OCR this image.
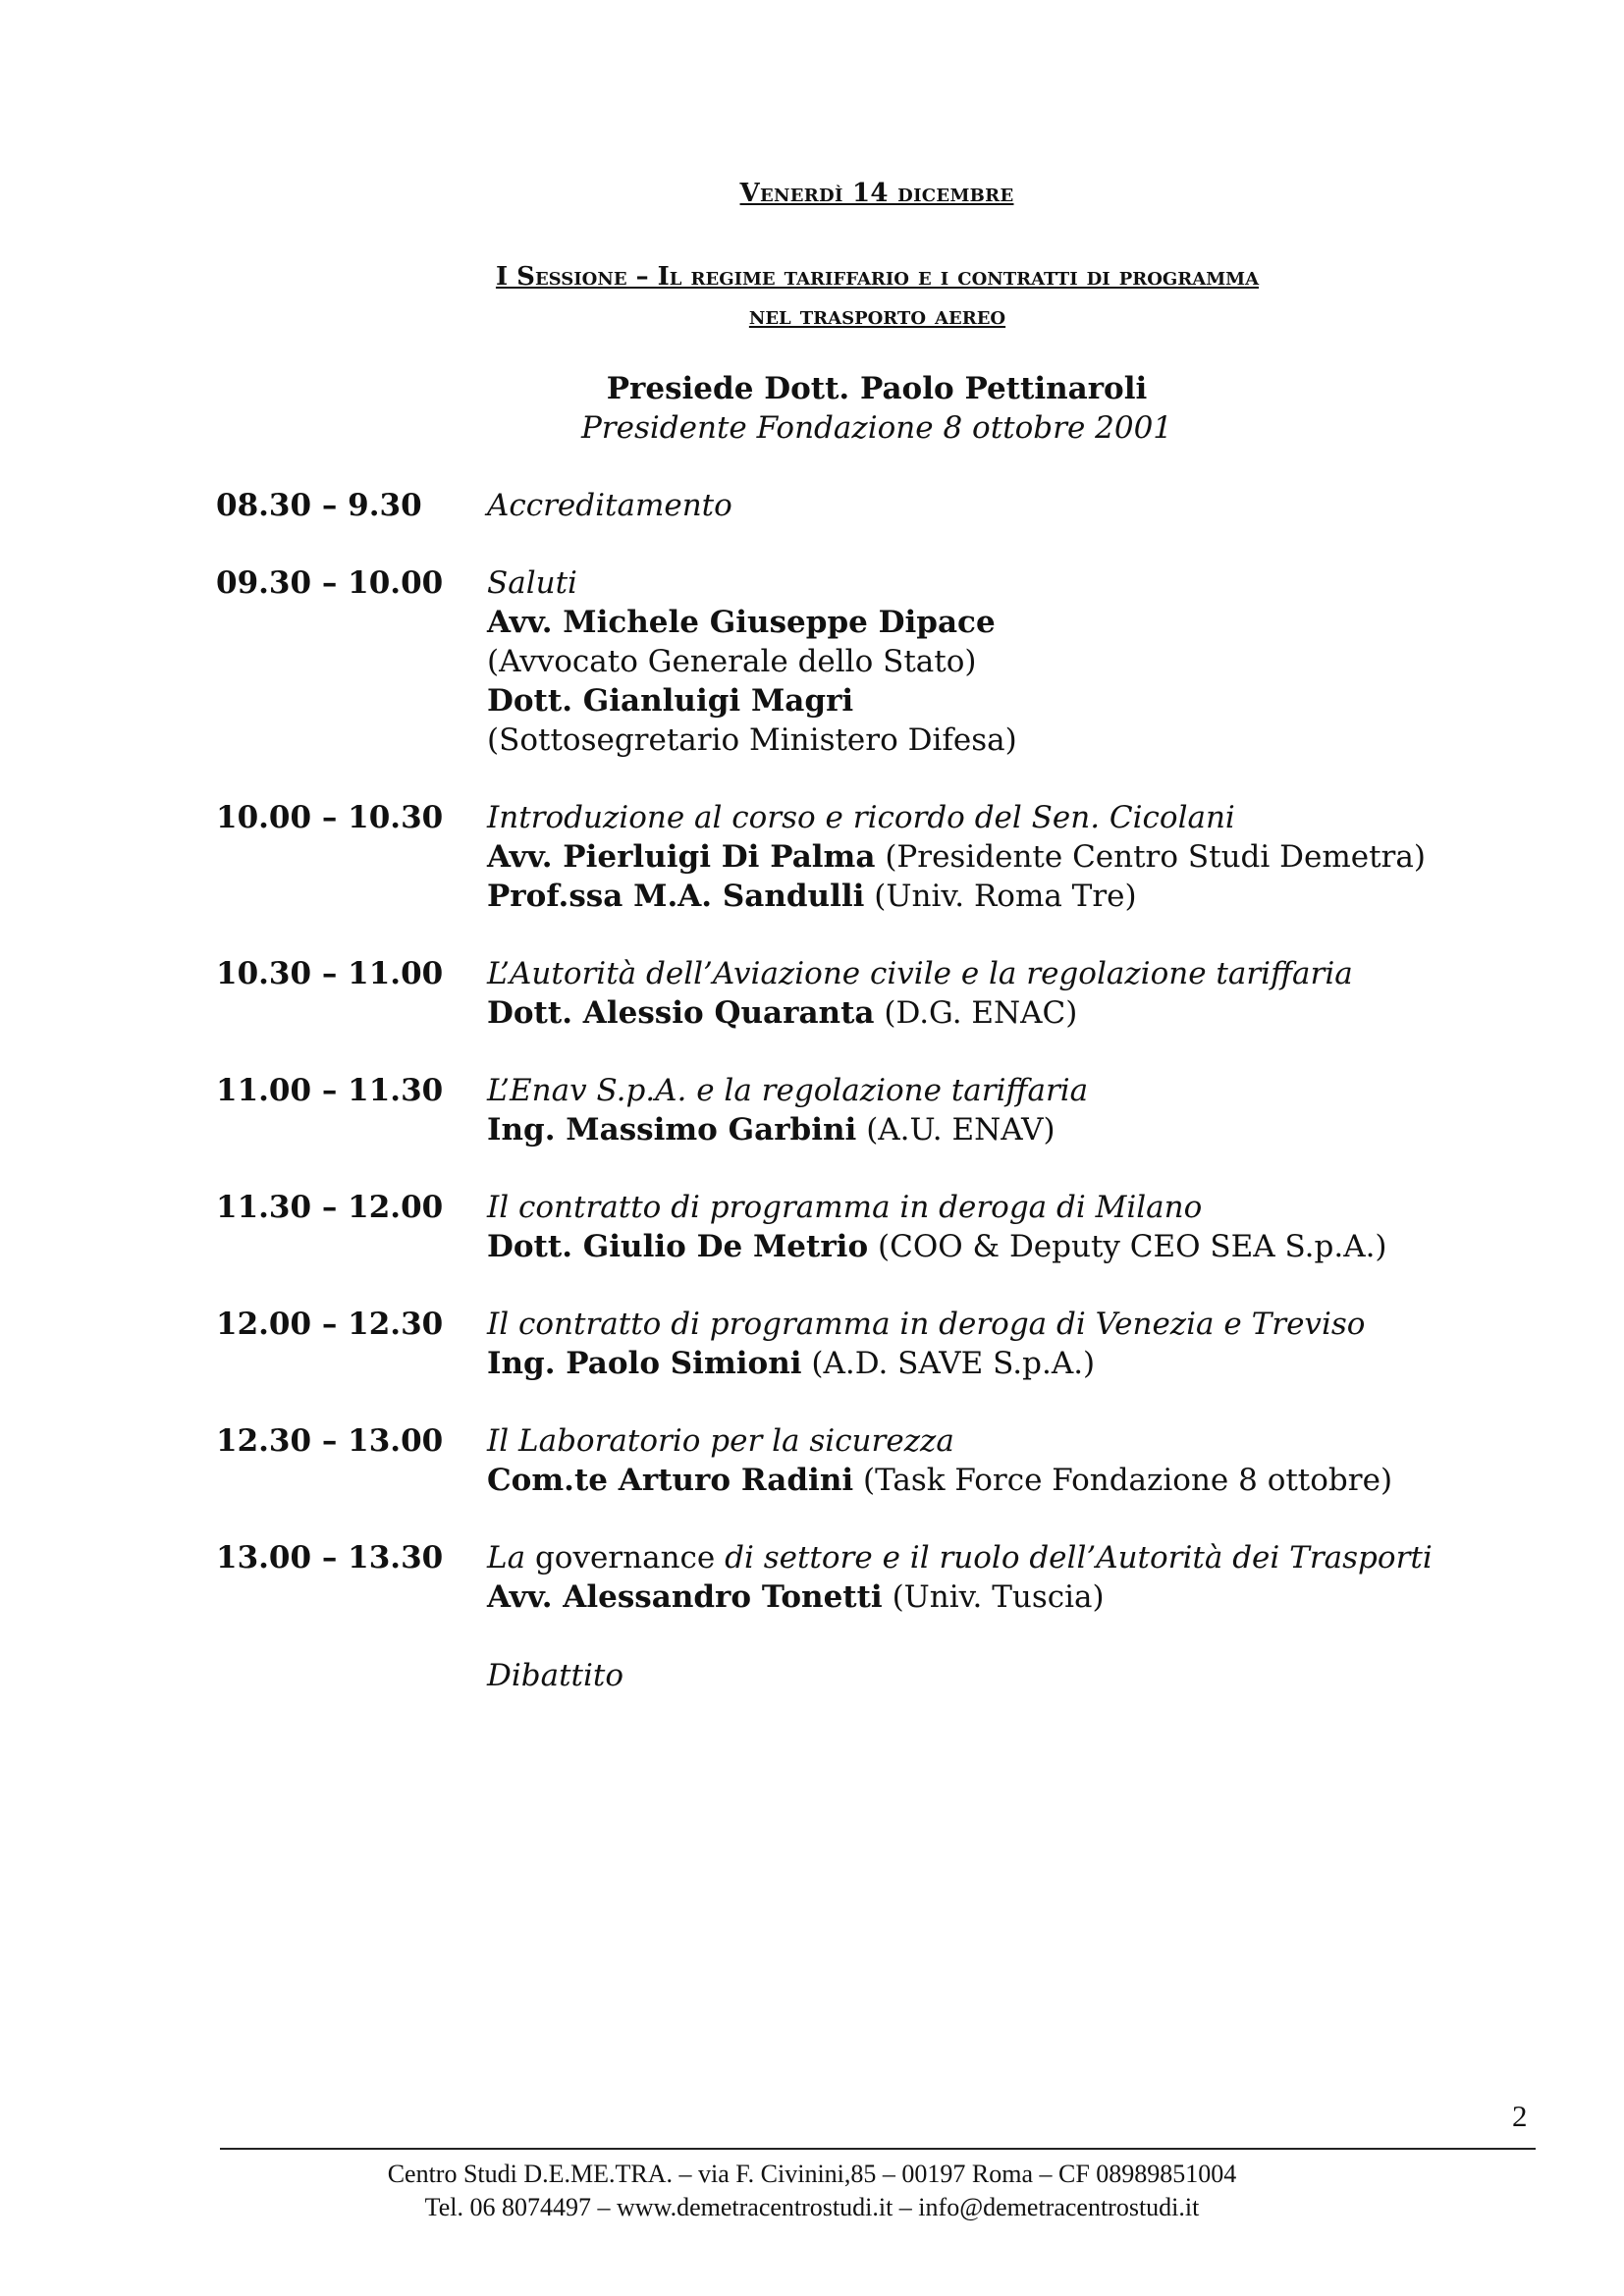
Venerdì 14 dicembre
I Sessione – Il regime tariffario e i contratti di programma
nel trasporto aereo
Presiede Dott. Paolo Pettinaroli
Presidente Fondazione 8 ottobre 2001
08.30 – 9.30	Accreditamento
09.30 – 10.00	Saluti
Avv. Michele Giuseppe Dipace
(Avvocato Generale dello Stato)
Dott. Gianluigi Magri
(Sottosegretario Ministero Difesa)
10.00 – 10.30	Introduzione al corso e ricordo del Sen. Cicolani
Avv. Pierluigi Di Palma (Presidente Centro Studi Demetra)
Prof.ssa M.A. Sandulli (Univ. Roma Tre)
10.30 – 11.00	L’Autorità dell’Aviazione civile e la regolazione tariffaria
Dott. Alessio Quaranta (D.G. ENAC)
11.00 – 11.30	L’Enav S.p.A. e la regolazione tariffaria
Ing. Massimo Garbini (A.U. ENAV)
11.30 – 12.00	Il contratto di programma in deroga di Milano
Dott. Giulio De Metrio (COO & Deputy CEO SEA S.p.A.)
12.00 – 12.30	Il contratto di programma in deroga di Venezia e Treviso
Ing. Paolo Simioni (A.D. SAVE S.p.A.)
12.30 – 13.00	Il Laboratorio per la sicurezza
Com.te Arturo Radini (Task Force Fondazione 8 ottobre)
13.00 – 13.30	La governance di settore e il ruolo dell’Autorità dei Trasporti
Avv. Alessandro Tonetti (Univ. Tuscia)
Dibattito
2
Centro Studi D.E.ME.TRA. – via F. Civinini,85 – 00197 Roma – CF 08989851004
Tel. 06 8074497 – www.demetracentrostudi.it – info@demetracentrostudi.it
